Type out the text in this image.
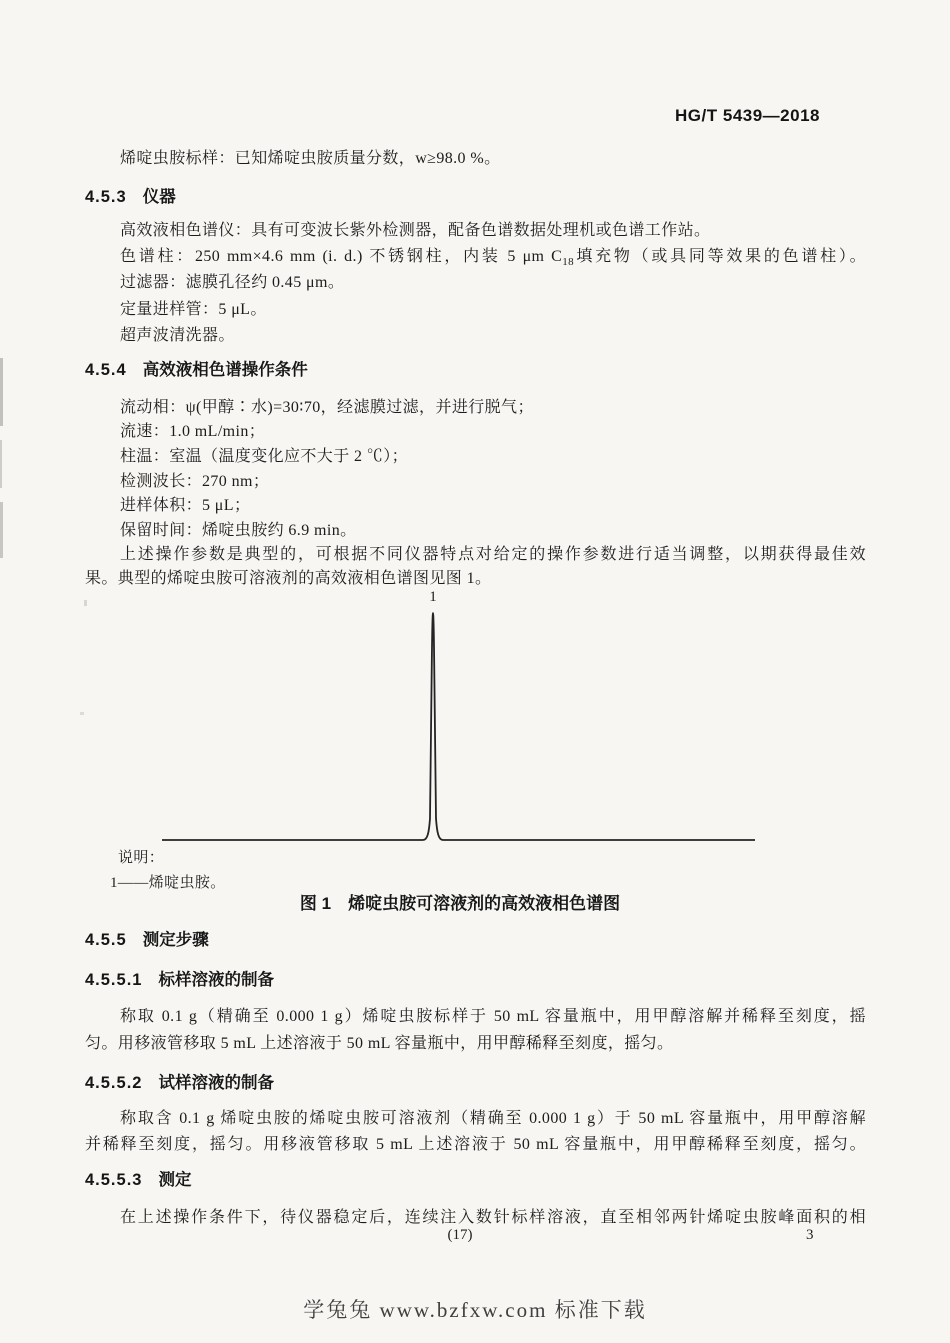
HG/T 5439—2018
烯啶虫胺标样：已知烯啶虫胺质量分数，w≥98.0 %。
4.5.3 仪器
高效液相色谱仪：具有可变波长紫外检测器，配备色谱数据处理机或色谱工作站。
色谱柱：250 mm×4.6 mm (i. d.) 不锈钢柱，内装 5 μm $C_{18}$填充物（或具同等效果的色谱柱）。
过滤器：滤膜孔径约 0.45 μm。
定量进样管：5 μL。
超声波清洗器。
4.5.4 高效液相色谱操作条件
流动相：ψ(甲醇∶水)=30∶70，经滤膜过滤，并进行脱气；
流速：1.0 mL/min；
柱温：室温（温度变化应不大于 2 ℃）；
检测波长：270 nm；
进样体积：5 μL；
保留时间：烯啶虫胺约 6.9 min。
上述操作参数是典型的，可根据不同仪器特点对给定的操作参数进行适当调整，以期获得最佳效
果。典型的烯啶虫胺可溶液剂的高效液相色谱图见图 1。
1
说明：
1——烯啶虫胺。
图 1　烯啶虫胺可溶液剂的高效液相色谱图
4.5.5 测定步骤
4.5.5.1 标样溶液的制备
称取 0.1 g（精确至 0.000 1 g）烯啶虫胺标样于 50 mL 容量瓶中，用甲醇溶解并稀释至刻度，摇
匀。用移液管移取 5 mL 上述溶液于 50 mL 容量瓶中，用甲醇稀释至刻度，摇匀。
4.5.5.2 试样溶液的制备
称取含 0.1 g 烯啶虫胺的烯啶虫胺可溶液剂（精确至 0.000 1 g）于 50 mL 容量瓶中，用甲醇溶解
并稀释至刻度，摇匀。用移液管移取 5 mL 上述溶液于 50 mL 容量瓶中，用甲醇稀释至刻度，摇匀。
4.5.5.3 测定
在上述操作条件下，待仪器稳定后，连续注入数针标样溶液，直至相邻两针烯啶虫胺峰面积的相
(17)	3
学兔兔 www.bzfxw.com 标准下载
